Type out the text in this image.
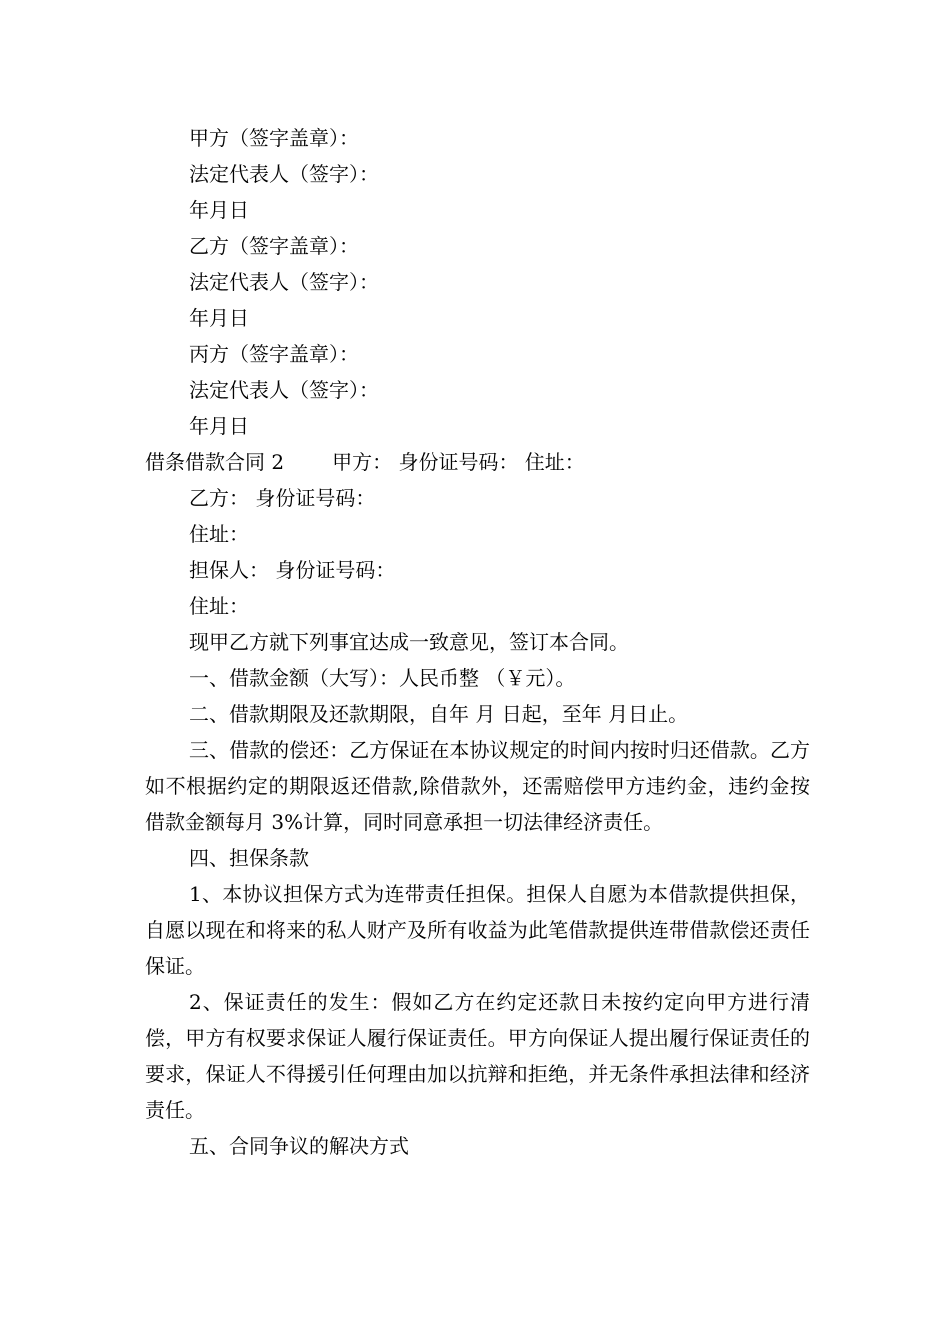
甲方（签字盖章）：

法定代表人（签字）：

年月日

乙方（签字盖章）：

法定代表人（签字）：

年月日

丙方（签字盖章）：

法定代表人（签字）：

年月日

借条借款合同 2 甲方： 身份证号码： 住址：

乙方： 身份证号码：

住址：

担保人： 身份证号码：

住址：

现甲乙方就下列事宜达成一致意见，签订本合同。

一、借款金额（大写）：人民币整 （￥元）。

二、借款期限及还款期限，自年 月 日起，至年 月日止。

三、借款的偿还：乙方保证在本协议规定的时间内按时归还借款。乙方如不根据约定的期限返还借款,除借款外，还需赔偿甲方违约金，违约金按借款金额每月 3%计算，同时同意承担一切法律经济责任。

四、担保条款

1、本协议担保方式为连带责任担保。担保人自愿为本借款提供担保，自愿以现在和将来的私人财产及所有收益为此笔借款提供连带借款偿还责任保证。

2、保证责任的发生：假如乙方在约定还款日未按约定向甲方进行清偿，甲方有权要求保证人履行保证责任。甲方向保证人提出履行保证责任的要求，保证人不得援引任何理由加以抗辩和拒绝，并无条件承担法律和经济责任。

五、合同争议的解决方式
